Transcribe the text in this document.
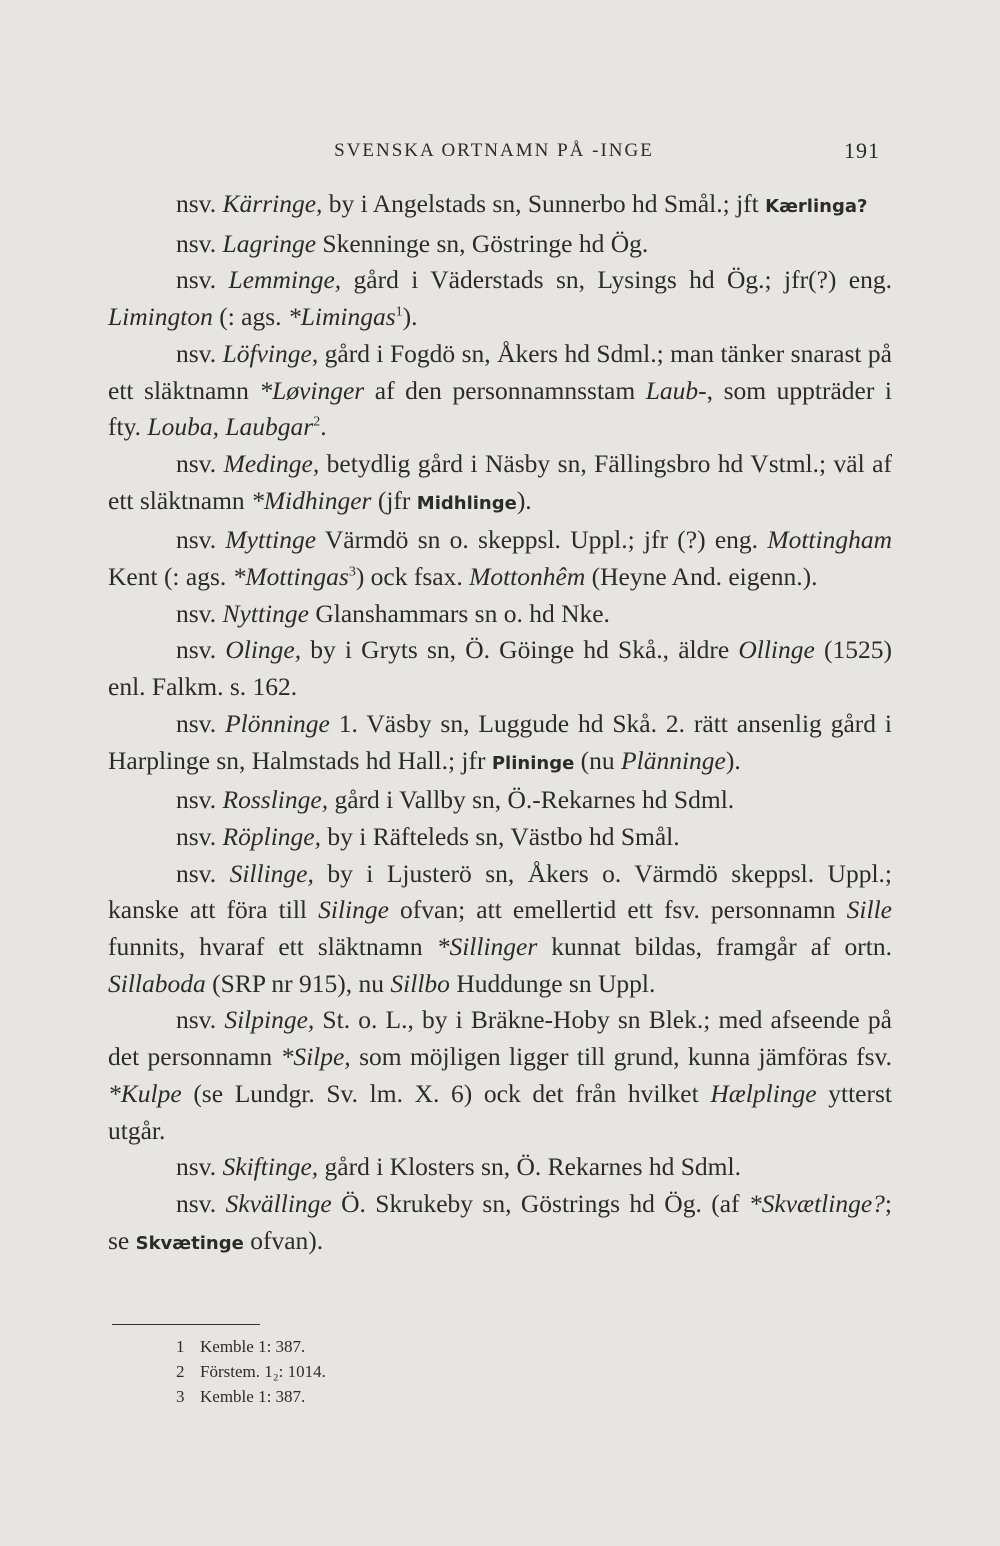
SVENSKA ORTNAMN PÅ -INGE	191

nsv. Kärringe, by i Angelstads sn, Sunnerbo hd Smål.; jft Kærlinga?

nsv. Lagringe Skenninge sn, Göstringe hd Ög.

nsv. Lemminge, gård i Väderstads sn, Lysings hd Ög.; jfr(?) eng. Limington (: ags. *Limingas$^1$).

nsv. Löfvinge, gård i Fogdö sn, Åkers hd Sdml.; man tänker snarast på ett släktnamn *Løvinger af den personnamnsstam Laub-, som uppträder i fty. Louba, Laubgar$^2$.

nsv. Medinge, betydlig gård i Näsby sn, Fällingsbro hd Vstml.; väl af ett släktnamn *Midhinger (jfr Midhlinge).

nsv. Myttinge Värmdö sn o. skeppsl. Uppl.; jfr (?) eng. Mottingham Kent (: ags. *Mottingas$^3$) ock fsax. Mottonhêm (Heyne And. eigenn.).

nsv. Nyttinge Glanshammars sn o. hd Nke.

nsv. Olinge, by i Gryts sn, Ö. Göinge hd Skå., äldre Ollinge (1525) enl. Falkm. s. 162.

nsv. Plönninge 1. Väsby sn, Luggude hd Skå. 2. rätt ansenlig gård i Harplinge sn, Halmstads hd Hall.; jfr Plininge (nu Plänninge).

nsv. Rosslinge, gård i Vallby sn, Ö.-Rekarnes hd Sdml.

nsv. Röplinge, by i Räfteleds sn, Västbo hd Smål.

nsv. Sillinge, by i Ljusterö sn, Åkers o. Värmdö skeppsl. Uppl.; kanske att föra till Silinge ofvan; att emellertid ett fsv. personnamn Sille funnits, hvaraf ett släktnamn *Sillinger kunnat bildas, framgår af ortn. Sillaboda (SRP nr 915), nu Sillbo Huddunge sn Uppl.

nsv. Silpinge, St. o. L., by i Bräkne-Hoby sn Blek.; med afseende på det personnamn *Silpe, som möjligen ligger till grund, kunna jämföras fsv. *Kulpe (se Lundgr. Sv. lm. X. 6) ock det från hvilket Hælplinge ytterst utgår.

nsv. Skiftinge, gård i Klosters sn, Ö. Rekarnes hd Sdml.

nsv. Skvällinge Ö. Skrukeby sn, Göstrings hd Ög. (af *Skvætlinge?; se Skvætinge ofvan).

1 Kemble 1: 387.
2 Förstem. 1₂: 1014.
3 Kemble 1: 387.
